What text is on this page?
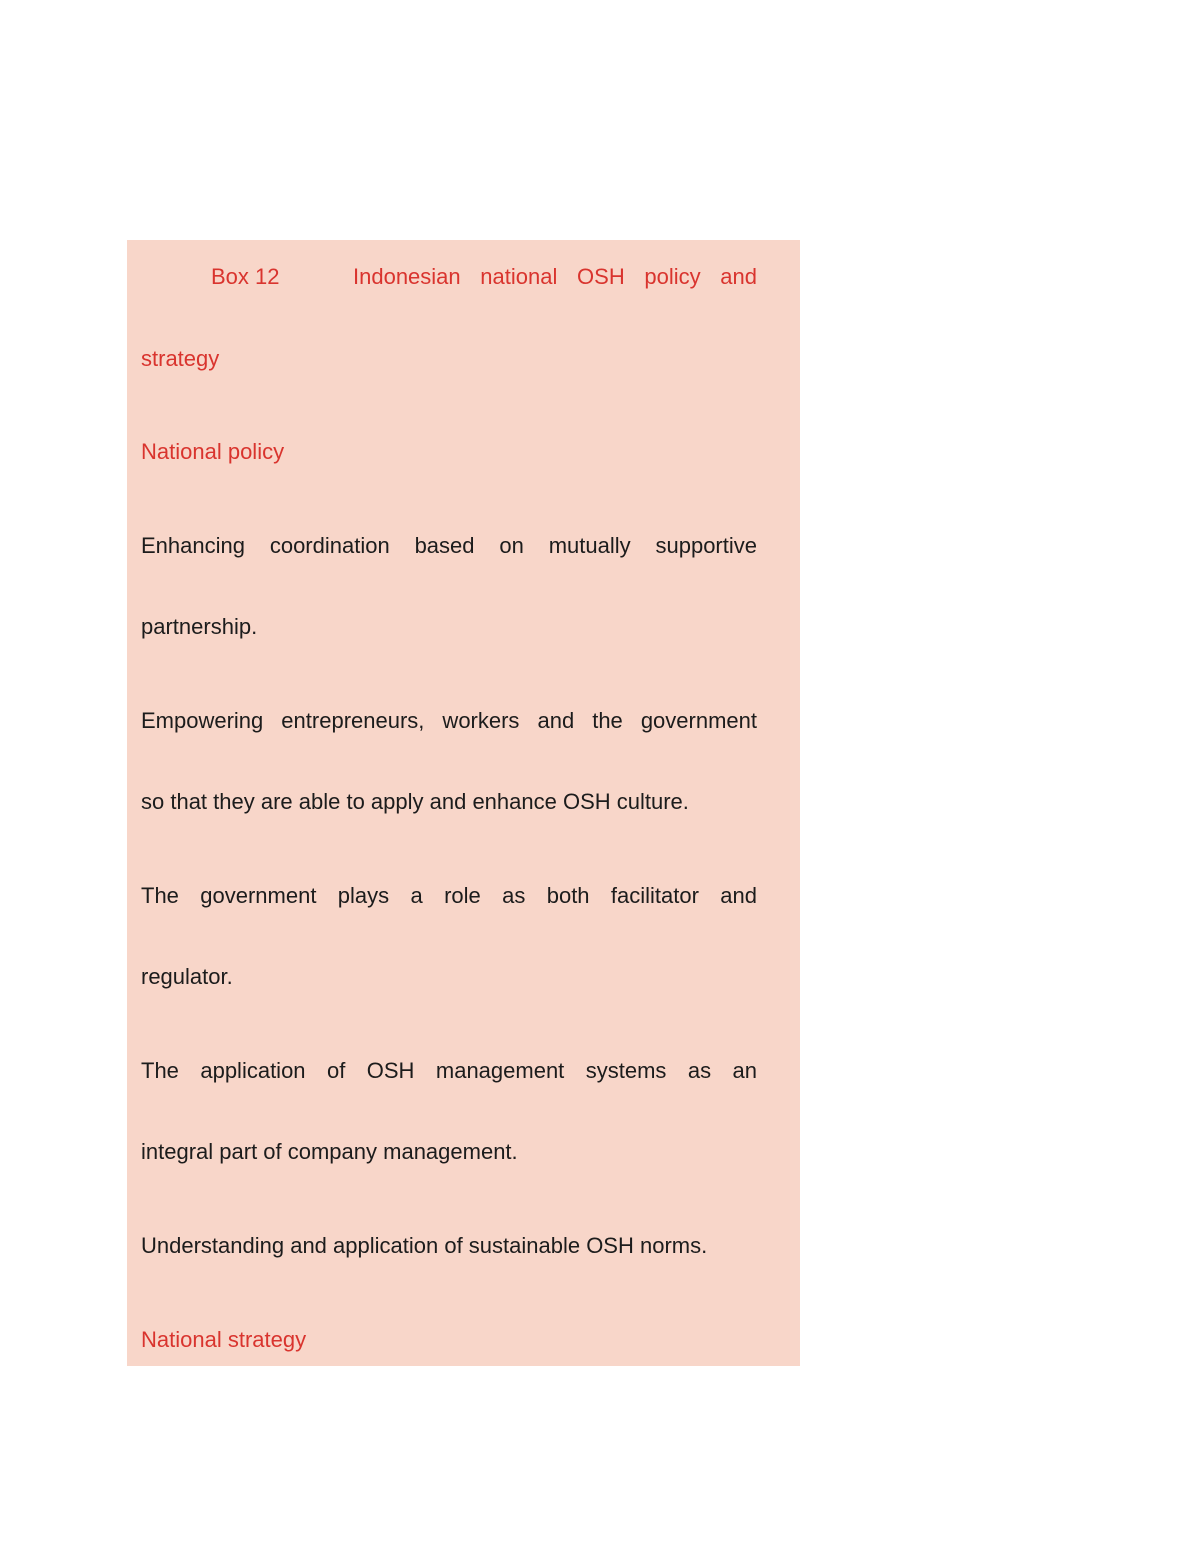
Box 12	Indonesian national OSH policy and
strategy
National policy
Enhancing coordination based on mutually supportive
partnership.
Empowering entrepreneurs, workers and the government
so that they are able to apply and enhance OSH culture.
The government plays a role as both facilitator and
regulator.
The application of OSH management systems as an
integral part of company management.
Understanding and application of sustainable OSH norms.
National strategy
